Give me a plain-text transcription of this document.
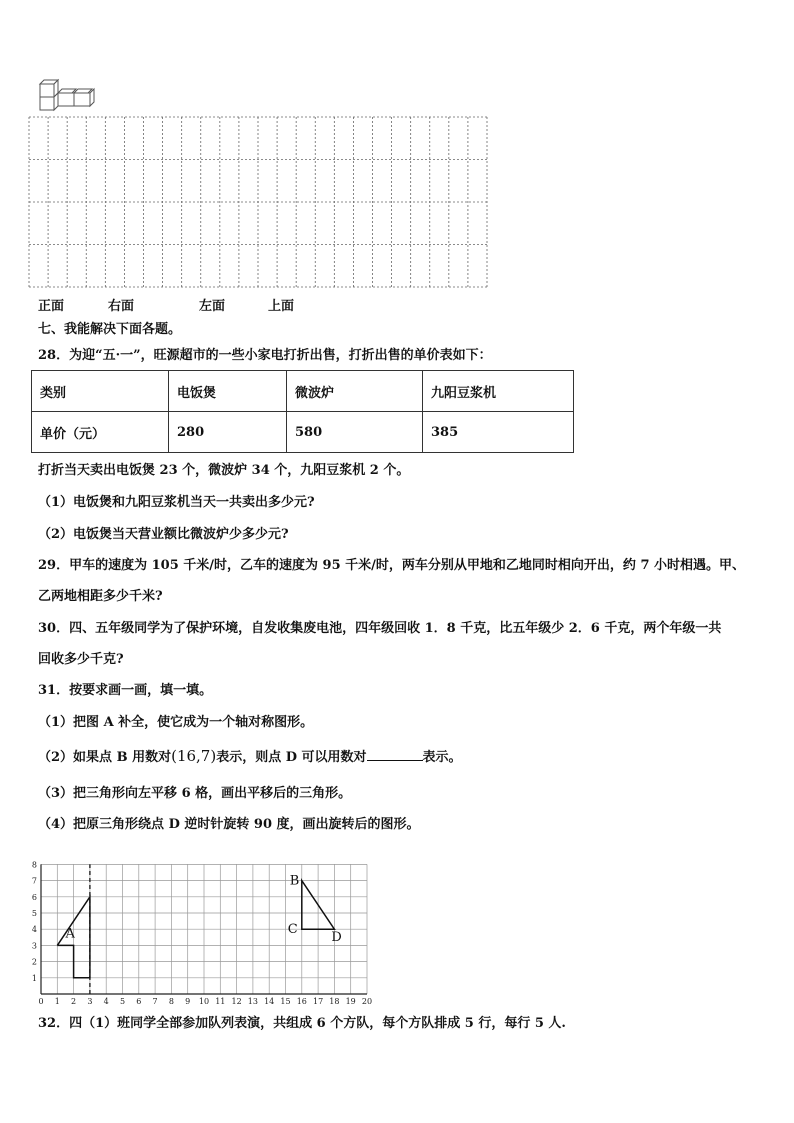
正面	右面	左面	上面
七、我能解决下面各题。
28．为迎“五·一”，旺源超市的一些小家电打折出售，打折出售的单价表如下：
类别	电饭煲	微波炉	九阳豆浆机
单价（元）	280	580	385
打折当天卖出电饭煲 23 个，微波炉 34 个，九阳豆浆机 2 个。
（1）电饭煲和九阳豆浆机当天一共卖出多少元?
（2）电饭煲当天营业额比微波炉少多少元?
29．甲车的速度为 105 千米/时，乙车的速度为 95 千米/时，两车分别从甲地和乙地同时相向开出，约 7 小时相遇。甲、
乙两地相距多少千米?
30．四、五年级同学为了保护环境，自发收集废电池，四年级回收 1．8 千克，比五年级少 2．6 千克，两个年级一共
回收多少千克?
31．按要求画一画，填一填。
（1）把图 A 补全，使它成为一个轴对称图形。
（2）如果点 B 用数对(16,7)表示，则点 D 可以用数对	表示。
（3）把三角形向左平移 6 格，画出平移后的三角形。
（4）把原三角形绕点 D 逆时针旋转 90 度，画出旋转后的图形。
0 1 2 3 4 5 6 7 8 9 10 11 12 13 14 15 16 17 18 19 20
1
2
3
4
5
6
7
8
A
B
C
D
32．四（1）班同学全部参加队列表演，共组成 6 个方队，每个方队排成 5 行，每行 5 人.
